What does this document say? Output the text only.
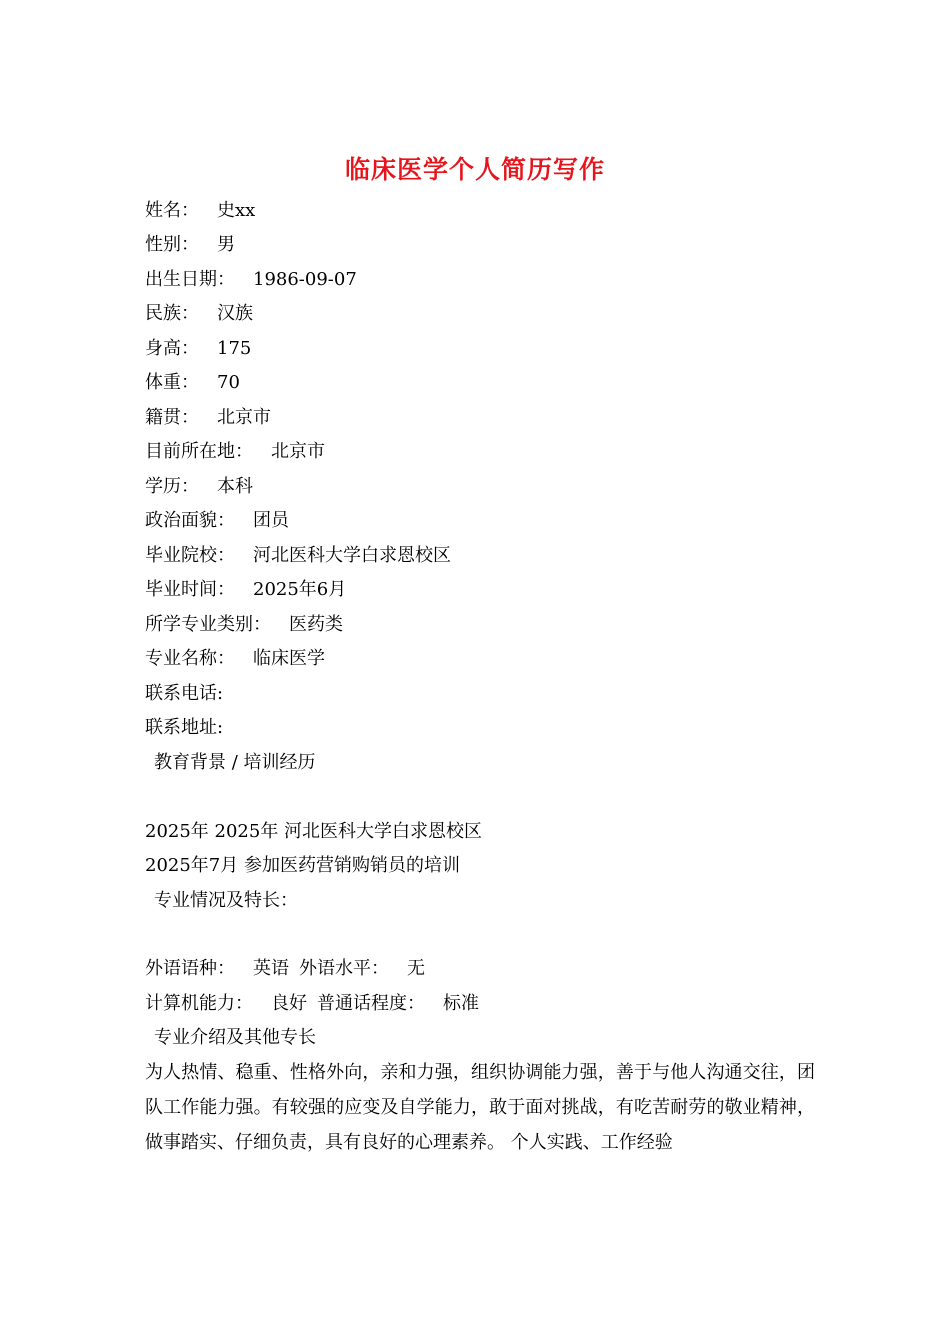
临床医学个人简历写作
姓名： 史xx
性别： 男
出生日期： 1986-09-07
民族： 汉族
身高： 175
体重： 70
籍贯： 北京市
目前所在地： 北京市
学历： 本科
政治面貌： 团员
毕业院校： 河北医科大学白求恩校区
毕业时间： 2025年6月
所学专业类别： 医药类
专业名称： 临床医学
联系电话:
联系地址:
教育背景 / 培训经历
2025年 2025年 河北医科大学白求恩校区
2025年7月 参加医药营销购销员的培训
专业情况及特长：
外语语种： 英语 外语水平： 无
计算机能力： 良好 普通话程度： 标准
专业介绍及其他专长
为人热情、稳重、性格外向，亲和力强，组织协调能力强，善于与他人沟通交往，团队工作能力强。有较强的应变及自学能力，敢于面对挑战，有吃苦耐劳的敬业精神，做事踏实、仔细负责，具有良好的心理素养。 个人实践、工作经验
